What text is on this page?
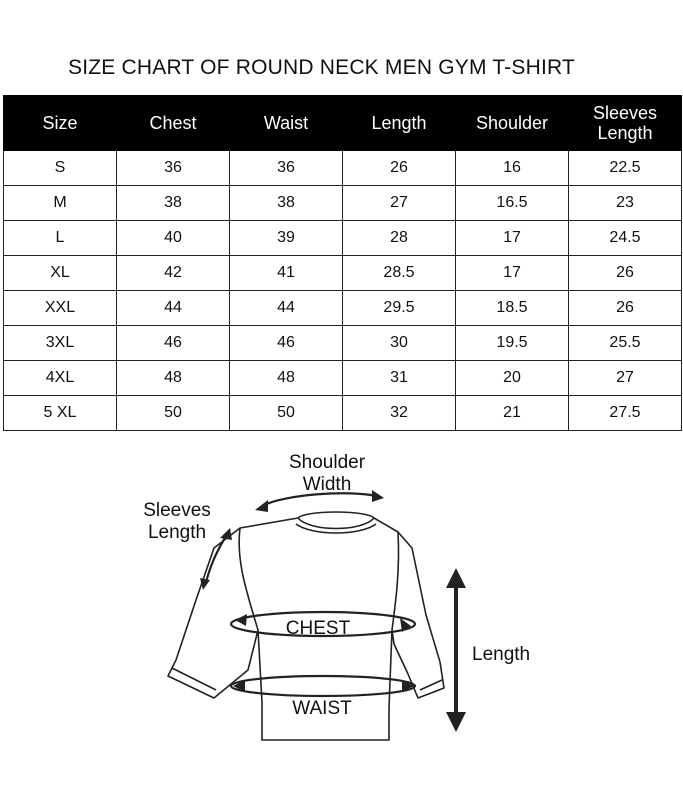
SIZE CHART OF ROUND NECK MEN GYM T-SHIRT
Size	Chest	Waist	Length	Shoulder	Sleeves Length
S	36	36	26	16	22.5
M	38	38	27	16.5	23
L	40	39	28	17	24.5
XL	42	41	28.5	17	26
XXL	44	44	29.5	18.5	26
3XL	46	46	30	19.5	25.5
4XL	48	48	31	20	27
5 XL	50	50	32	21	27.5
Shoulder Width
Sleeves Length
CHEST
WAIST
Length
